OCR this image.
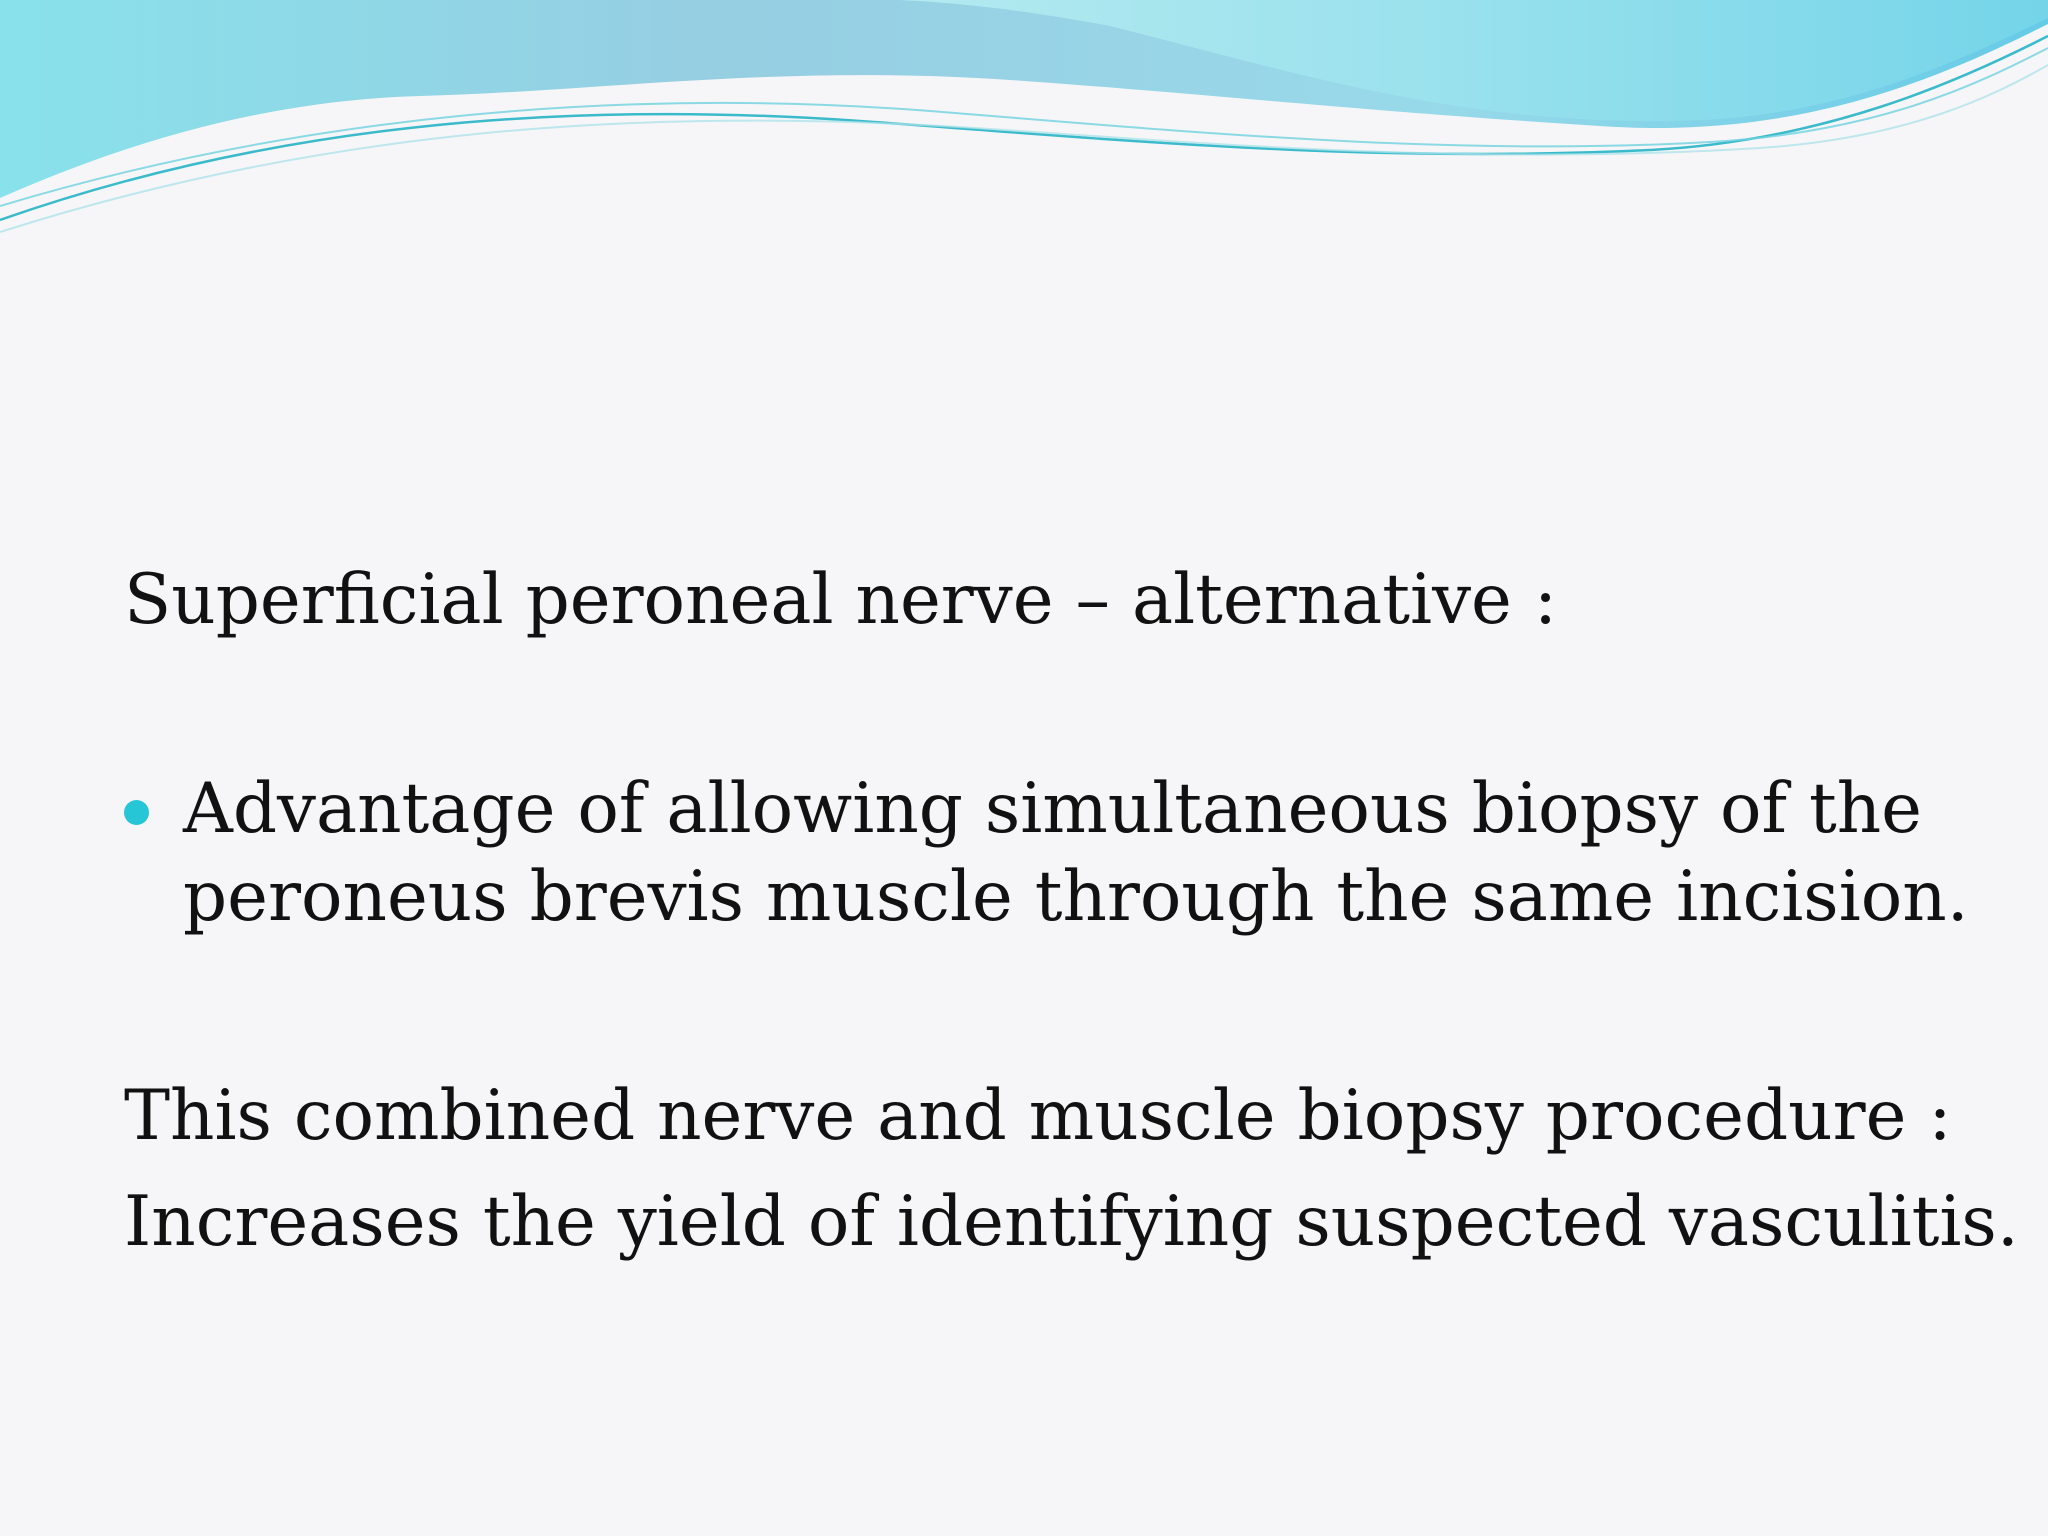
Superficial peroneal nerve – alternative :

Advantage of allowing simultaneous biopsy of the

peroneus brevis muscle through the same incision.

This combined nerve and muscle biopsy procedure :

Increases the yield of identifying suspected vasculitis.
